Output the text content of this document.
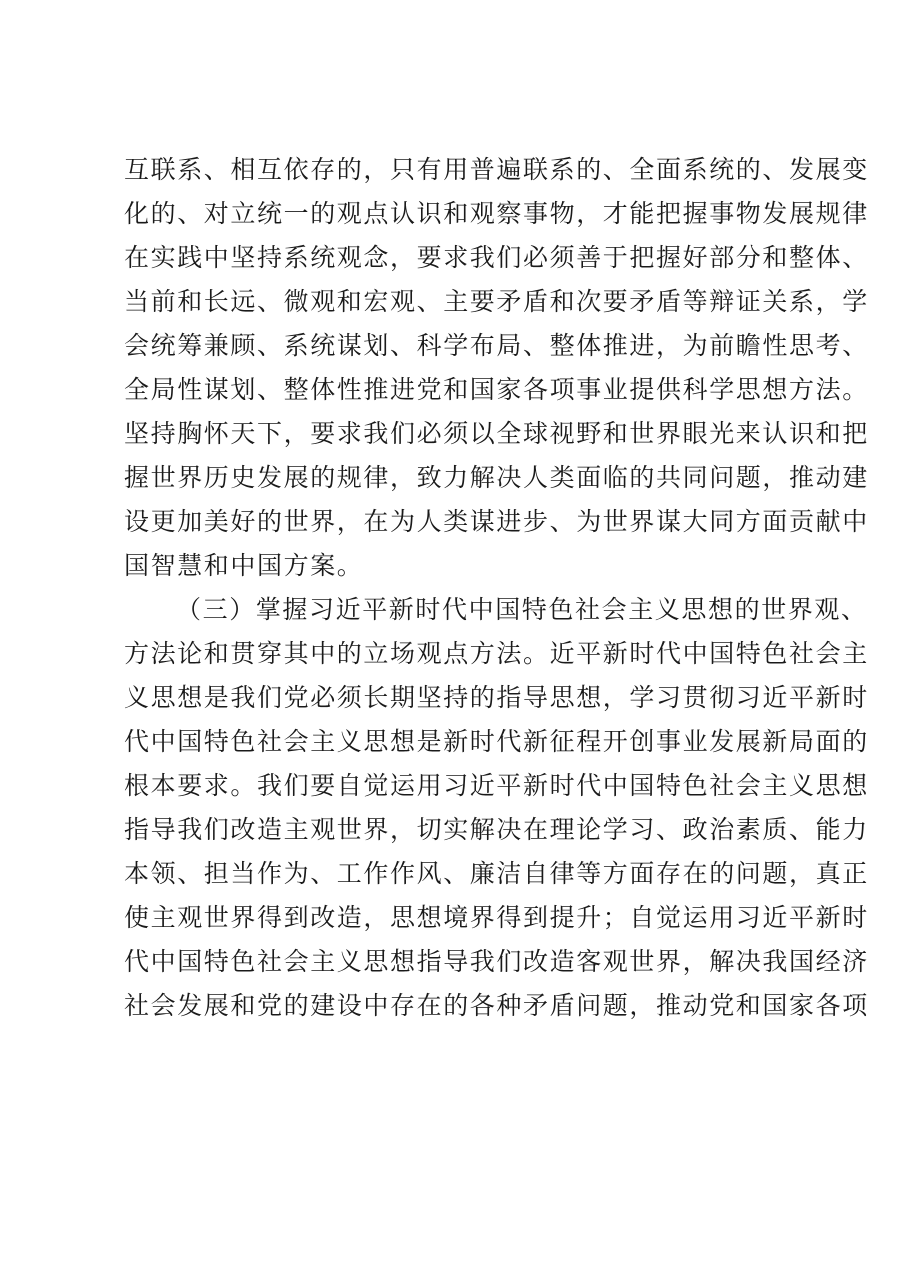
互联系、相互依存的，只有用普遍联系的、全面系统的、发展变

化的、对立统一的观点认识和观察事物，才能把握事物发展规律

在实践中坚持系统观念，要求我们必须善于把握好部分和整体、

当前和长远、微观和宏观、主要矛盾和次要矛盾等辩证关系，学

会统筹兼顾、系统谋划、科学布局、整体推进，为前瞻性思考、

全局性谋划、整体性推进党和国家各项事业提供科学思想方法。

坚持胸怀天下，要求我们必须以全球视野和世界眼光来认识和把

握世界历史发展的规律，致力解决人类面临的共同问题，推动建

设更加美好的世界，在为人类谋进步、为世界谋大同方面贡献中

国智慧和中国方案。

（三）掌握习近平新时代中国特色社会主义思想的世界观、

方法论和贯穿其中的立场观点方法。近平新时代中国特色社会主

义思想是我们党必须长期坚持的指导思想，学习贯彻习近平新时

代中国特色社会主义思想是新时代新征程开创事业发展新局面的

根本要求。我们要自觉运用习近平新时代中国特色社会主义思想

指导我们改造主观世界，切实解决在理论学习、政治素质、能力

本领、担当作为、工作作风、廉洁自律等方面存在的问题，真正

使主观世界得到改造，思想境界得到提升；自觉运用习近平新时

代中国特色社会主义思想指导我们改造客观世界，解决我国经济

社会发展和党的建设中存在的各种矛盾问题，推动党和国家各项
